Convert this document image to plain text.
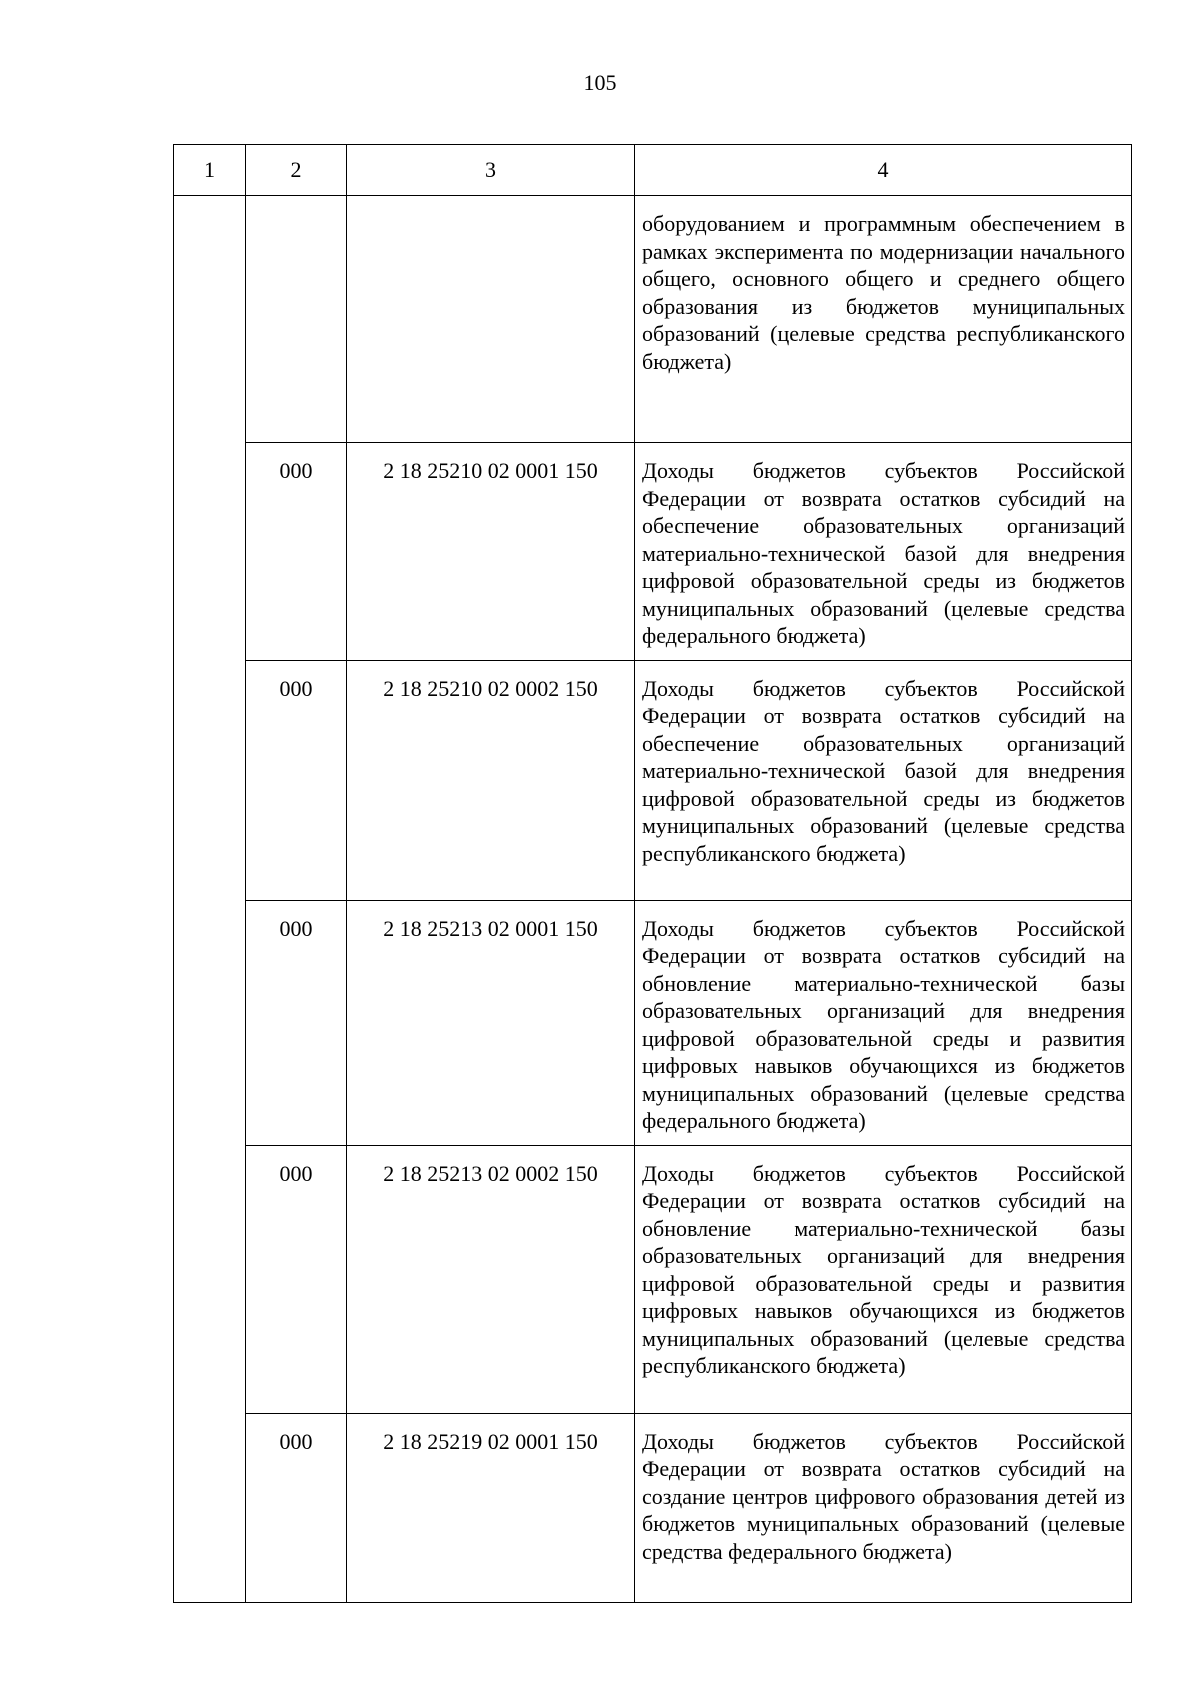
105
1	2	3	4
			оборудованием и программным обеспечением в рамках эксперимента по модернизации начального общего, основного общего и среднего общего образования из бюджетов муниципальных образований (целевые средства республиканского бюджета)
	000	2 18 25210 02 0001 150	Доходы бюджетов субъектов Российской Федерации от возврата остатков субсидий на обеспечение образовательных организаций материально-технической базой для внедрения цифровой образовательной среды из бюджетов муниципальных образований (целевые средства федерального бюджета)
	000	2 18 25210 02 0002 150	Доходы бюджетов субъектов Российской Федерации от возврата остатков субсидий на обеспечение образовательных организаций материально-технической базой для внедрения цифровой образовательной среды из бюджетов муниципальных образований (целевые средства республиканского бюджета)
	000	2 18 25213 02 0001 150	Доходы бюджетов субъектов Российской Федерации от возврата остатков субсидий на обновление материально-технической базы образовательных организаций для внедрения цифровой образовательной среды и развития цифровых навыков обучающихся из бюджетов муниципальных образований (целевые средства федерального бюджета)
	000	2 18 25213 02 0002 150	Доходы бюджетов субъектов Российской Федерации от возврата остатков субсидий на обновление материально-технической базы образовательных организаций для внедрения цифровой образовательной среды и развития цифровых навыков обучающихся из бюджетов муниципальных образований (целевые средства республиканского бюджета)
	000	2 18 25219 02 0001 150	Доходы бюджетов субъектов Российской Федерации от возврата остатков субсидий на создание центров цифрового образования детей из бюджетов муниципальных образований (целевые средства федерального бюджета)
